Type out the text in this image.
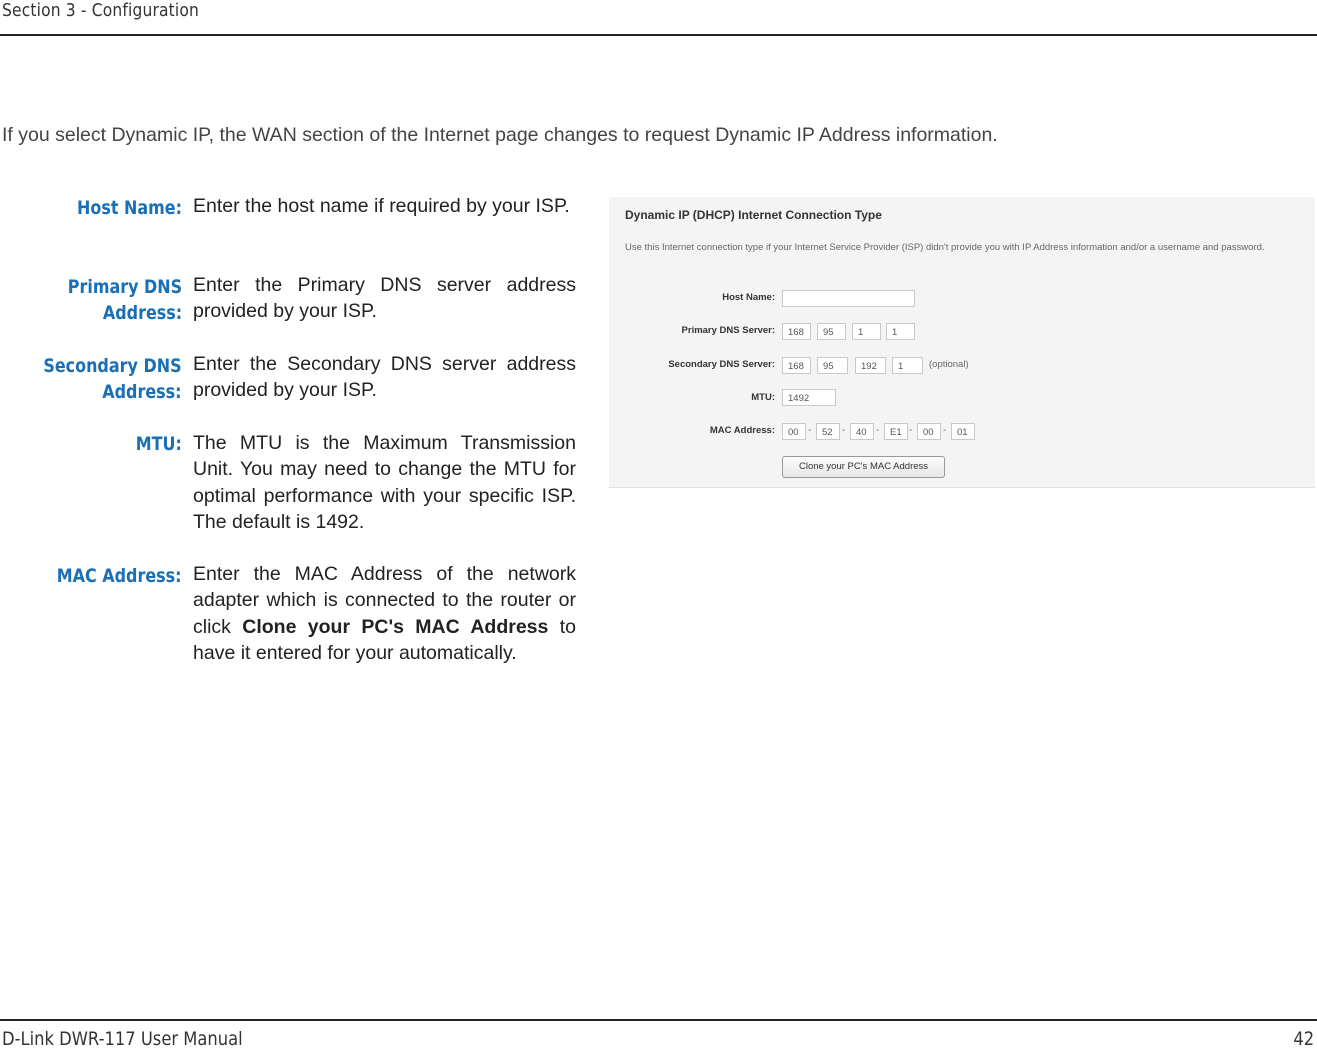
Section 3 - Configuration
If you select Dynamic IP, the WAN section of the Internet page changes to request Dynamic IP Address information.
Host Name: Enter the host name if required by your ISP.
Primary DNS
Address:
Enter the Primary DNS server address provided by your ISP.
Secondary DNS
Address:
Enter the Secondary DNS server address provided by your ISP.
MTU: The MTU is the Maximum Transmission Unit. You may need to change the MTU for optimal performance with your specific ISP. The default is 1492.
MAC Address: Enter the MAC Address of the network adapter which is connected to the router or click Clone your PC's MAC Address to have it entered for your automatically.
Dynamic IP (DHCP) Internet Connection Type
Use this Internet connection type if your Internet Service Provider (ISP) didn't provide you with IP Address information and/or a username and password.
Host Name:
Primary DNS Server:	168	95	1	1
Secondary DNS Server:	168	95	192	1	(optional)
MTU:	1492
MAC Address:	00 -	52 -	40 -	E1 -	00 -	01
Clone your PC's MAC Address
D-Link DWR-117 User Manual	42
